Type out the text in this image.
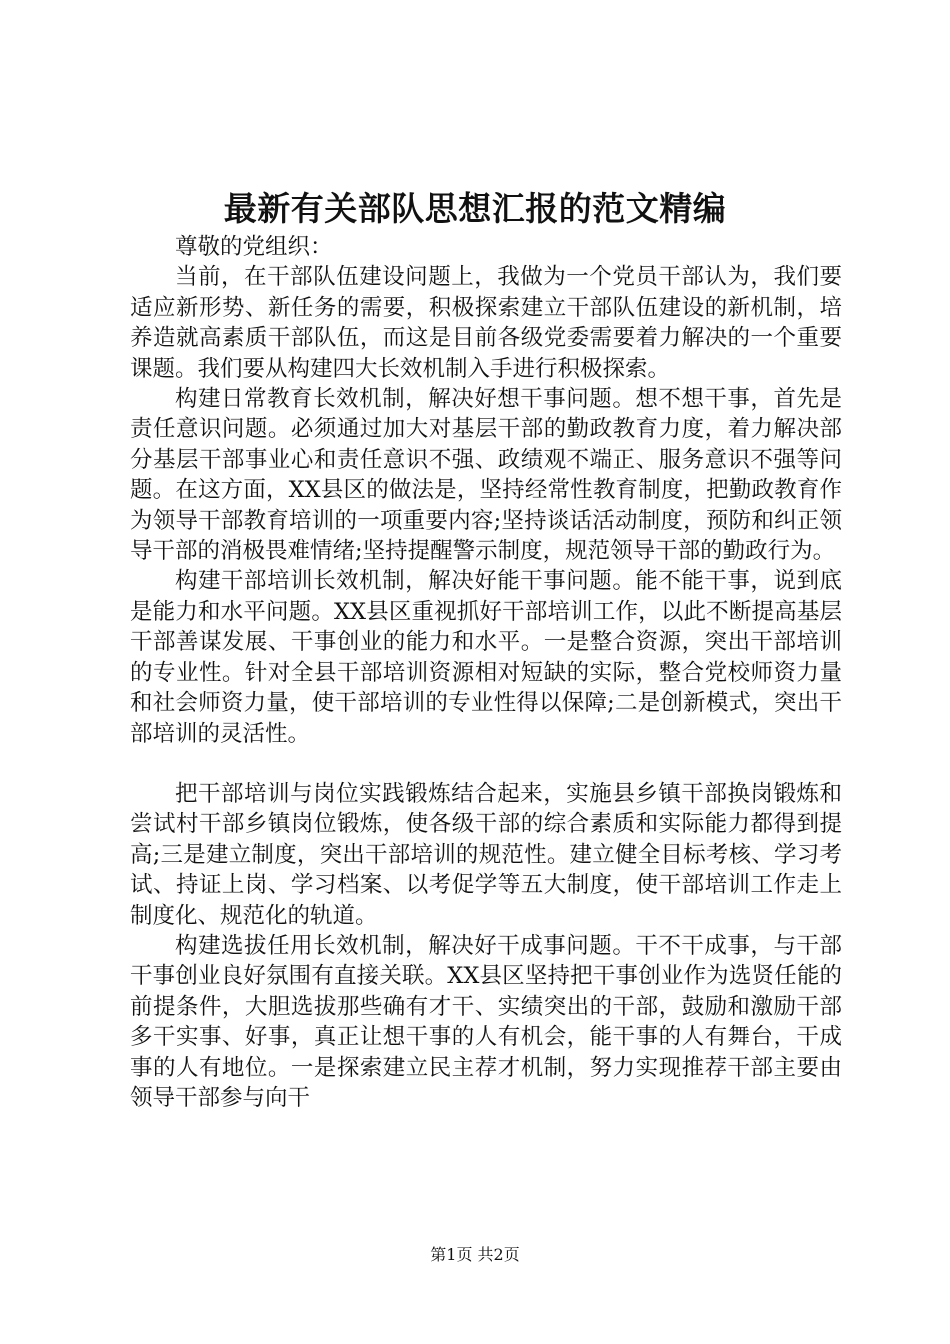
最新有关部队思想汇报的范文精编

尊敬的党组织：

当前，在干部队伍建设问题上，我做为一个党员干部认为，我们要适应新形势、新任务的需要，积极探索建立干部队伍建设的新机制，培养造就高素质干部队伍，而这是目前各级党委需要着力解决的一个重要课题。我们要从构建四大长效机制入手进行积极探索。

构建日常教育长效机制，解决好想干事问题。想不想干事，首先是责任意识问题。必须通过加大对基层干部的勤政教育力度，着力解决部分基层干部事业心和责任意识不强、政绩观不端正、服务意识不强等问题。在这方面，XX县区的做法是，坚持经常性教育制度，把勤政教育作为领导干部教育培训的一项重要内容;坚持谈话活动制度，预防和纠正领导干部的消极畏难情绪;坚持提醒警示制度，规范领导干部的勤政行为。

构建干部培训长效机制，解决好能干事问题。能不能干事，说到底是能力和水平问题。XX县区重视抓好干部培训工作，以此不断提高基层干部善谋发展、干事创业的能力和水平。一是整合资源，突出干部培训的专业性。针对全县干部培训资源相对短缺的实际，整合党校师资力量和社会师资力量，使干部培训的专业性得以保障;二是创新模式，突出干部培训的灵活性。

把干部培训与岗位实践锻炼结合起来，实施县乡镇干部换岗锻炼和尝试村干部乡镇岗位锻炼，使各级干部的综合素质和实际能力都得到提高;三是建立制度，突出干部培训的规范性。建立健全目标考核、学习考试、持证上岗、学习档案、以考促学等五大制度，使干部培训工作走上制度化、规范化的轨道。

构建选拔任用长效机制，解决好干成事问题。干不干成事，与干部干事创业良好氛围有直接关联。XX县区坚持把干事创业作为选贤任能的前提条件，大胆选拔那些确有才干、实绩突出的干部，鼓励和激励干部多干实事、好事，真正让想干事的人有机会，能干事的人有舞台，干成事的人有地位。一是探索建立民主荐才机制，努力实现推荐干部主要由领导干部参与向干

第1页 共2页
